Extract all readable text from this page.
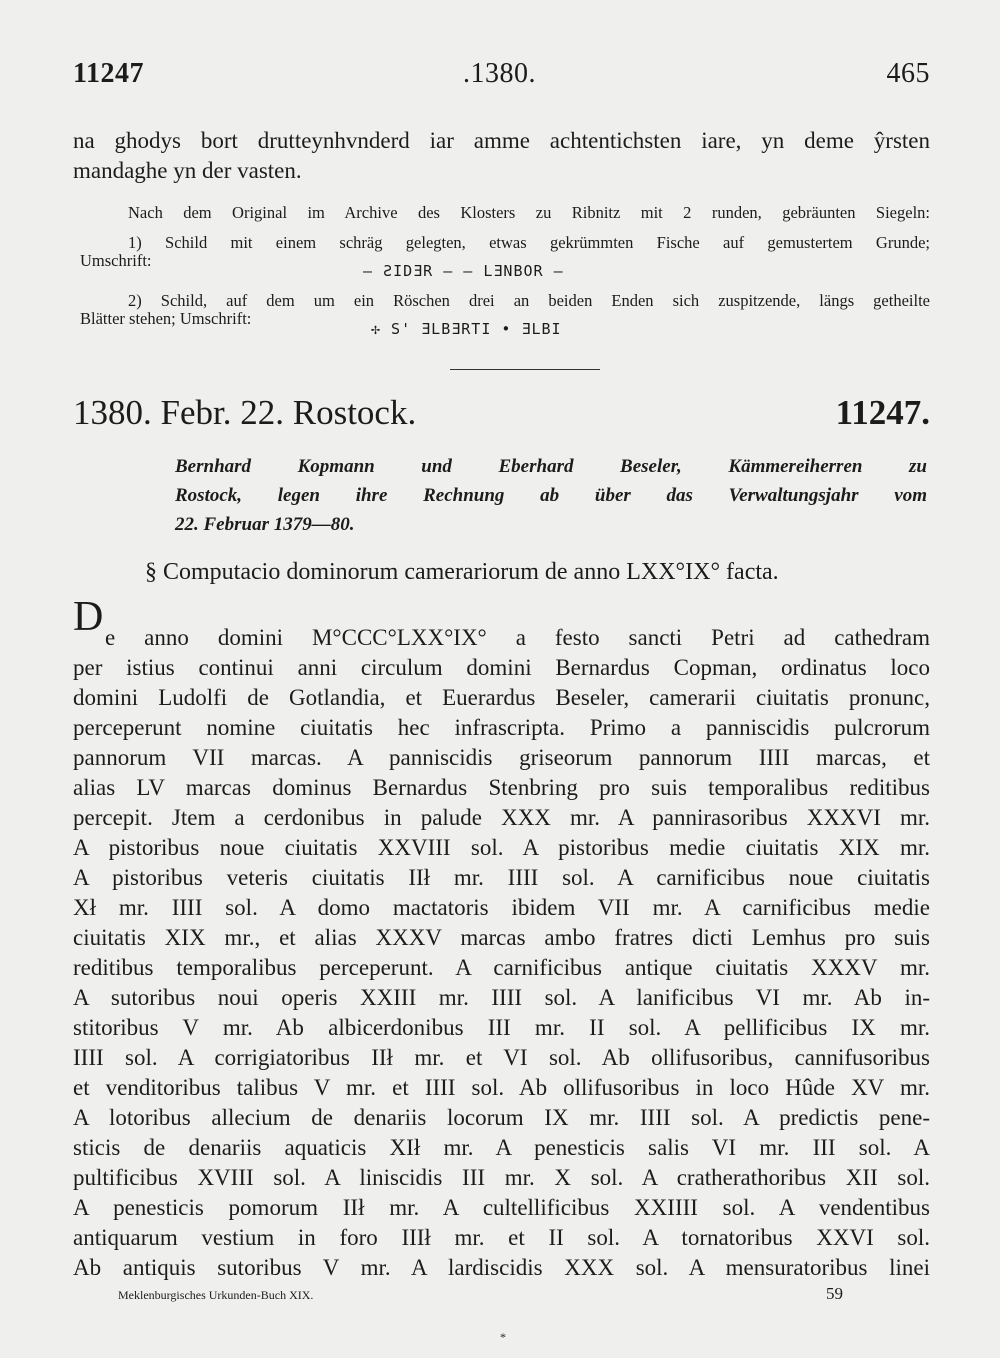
11247	.1380.	465
na ghodys bort drutteynhvnderd iar amme achtentichsten iare, yn deme ŷrsten
mandaghe yn der vasten.
Nach dem Original im Archive des Klosters zu Ribnitz mit 2 runden, gebräunten Siegeln:
1) Schild mit einem schräg gelegten, etwas gekrümmten Fische auf gemustertem Grunde;
Umschrift:
— ƧIDƎR — — LƎNBOR —
2) Schild, auf dem um ein Röschen drei an beiden Enden sich zuspitzende, längs getheilte
Blätter stehen; Umschrift:
✢ S' ƎLBƎRTI • ƎLBI
1380. Febr. 22. Rostock.	11247.
Bernhard Kopmann und Eberhard Beseler, Kämmereiherren zu
Rostock, legen ihre Rechnung ab über das Verwaltungsjahr vom
22. Februar 1379—80.
§ Computacio dominorum camerariorum de anno LXX°IX° facta.
D e anno domini M°CCC°LXX°IX° a festo sancti Petri ad cathedram
per istius continui anni circulum domini Bernardus Copman, ordinatus loco
domini Ludolfi de Gotlandia, et Euerardus Beseler, camerarii ciuitatis pronunc,
perceperunt nomine ciuitatis hec infrascripta. Primo a panniscidis pulcrorum
pannorum VII marcas. A panniscidis griseorum pannorum IIII marcas, et
alias LV marcas dominus Bernardus Stenbring pro suis temporalibus reditibus
percepit. Jtem a cerdonibus in palude XXX mr. A pannirasoribus XXXVI mr.
A pistoribus noue ciuitatis XXVIII sol. A pistoribus medie ciuitatis XIX mr.
A pistoribus veteris ciuitatis IIł mr. IIII sol. A carnificibus noue ciuitatis
Xł mr. IIII sol. A domo mactatoris ibidem VII mr. A carnificibus medie
ciuitatis XIX mr., et alias XXXV marcas ambo fratres dicti Lemhus pro suis
reditibus temporalibus perceperunt. A carnificibus antique ciuitatis XXXV mr.
A sutoribus noui operis XXIII mr. IIII sol. A lanificibus VI mr. Ab in-
stitoribus V mr. Ab albicerdonibus III mr. II sol. A pellificibus IX mr.
IIII sol. A corrigiatoribus IIł mr. et VI sol. Ab ollifusoribus, cannifusoribus
et venditoribus talibus V mr. et IIII sol. Ab ollifusoribus in loco Hûde XV mr.
A lotoribus allecium de denariis locorum IX mr. IIII sol. A predictis pene-
sticis de denariis aquaticis XIł mr. A penesticis salis VI mr. III sol. A
pultificibus XVIII sol. A liniscidis III mr. X sol. A cratherathoribus XII sol.
A penesticis pomorum IIł mr. A cultellificibus XXIIII sol. A vendentibus
antiquarum vestium in foro IIIł mr. et II sol. A tornatoribus XXVI sol.
Ab antiquis sutoribus V mr. A lardiscidis XXX sol. A mensuratoribus linei
Meklenburgisches Urkunden-Buch XIX.	59
*
